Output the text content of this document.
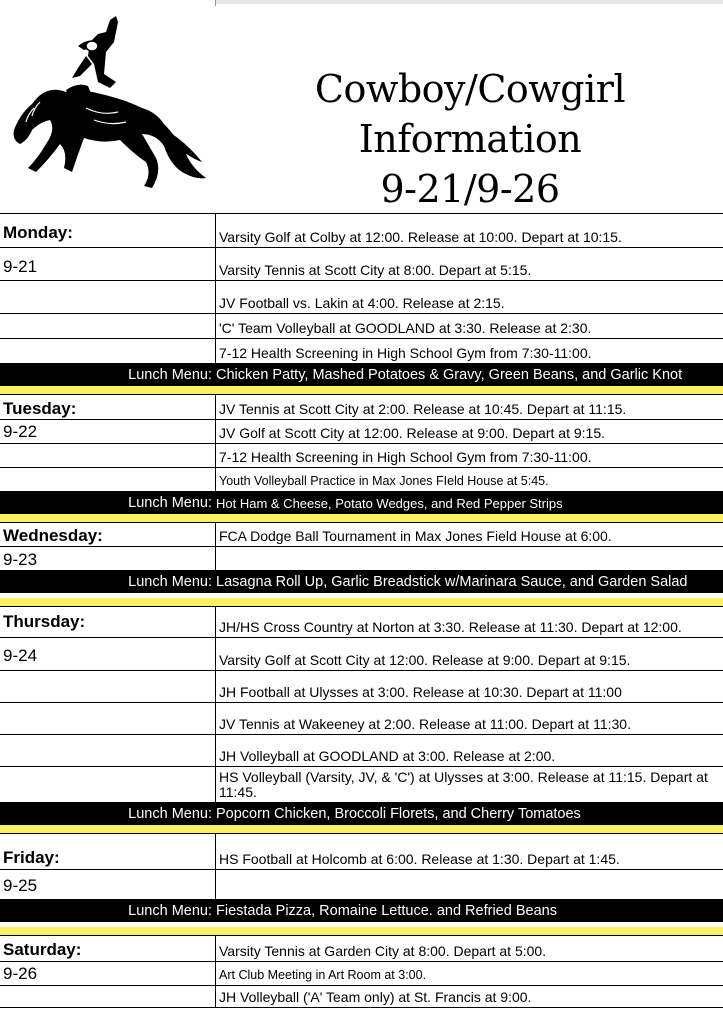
Cowboy/Cowgirl
Information
9-21/9-26
Monday:	Varsity Golf at Colby at 12:00. Release at 10:00. Depart at 10:15.
9-21	Varsity Tennis at Scott City at 8:00. Depart at 5:15.
JV Football vs. Lakin at 4:00. Release at 2:15.
'C' Team Volleyball at GOODLAND at 3:30. Release at 2:30.
7-12 Health Screening in High School Gym from 7:30-11:00.
Lunch Menu: Chicken Patty, Mashed Potatoes & Gravy, Green Beans, and Garlic Knot
Tuesday:	JV Tennis at Scott City at 2:00. Release at 10:45. Depart at 11:15.
9-22	JV Golf at Scott City at 12:00. Release at 9:00. Depart at 9:15.
7-12 Health Screening in High School Gym from 7:30-11:00.
Youth Volleyball Practice in Max Jones FIeld House at 5:45.
Lunch Menu: Hot Ham & Cheese, Potato Wedges, and Red Pepper Strips
Wednesday:	FCA Dodge Ball Tournament in Max Jones Field House at 6:00.
9-23
Lunch Menu: Lasagna Roll Up, Garlic Breadstick w/Marinara Sauce, and Garden Salad
Thursday:	JH/HS Cross Country at Norton at 3:30. Release at 11:30. Depart at 12:00.
9-24	Varsity Golf at Scott City at 12:00. Release at 9:00. Depart at 9:15.
JH Football at Ulysses at 3:00. Release at 10:30. Depart at 11:00
JV Tennis at Wakeeney at 2:00. Release at 11:00. Depart at 11:30.
JH Volleyball at GOODLAND at 3:00. Release at 2:00.
HS Volleyball (Varsity, JV, & 'C') at Ulysses at 3:00. Release at 11:15. Depart at 11:45.
Lunch Menu: Popcorn Chicken, Broccoli Florets, and Cherry Tomatoes
Friday:	HS Football at Holcomb at 6:00. Release at 1:30. Depart at 1:45.
9-25
Lunch Menu: Fiestada Pizza, Romaine Lettuce. and Refried Beans
Saturday:	Varsity Tennis at Garden City at 8:00. Depart at 5:00.
9-26	Art Club Meeting in Art Room at 3:00.
JH Volleyball ('A' Team only) at St. Francis at 9:00.
